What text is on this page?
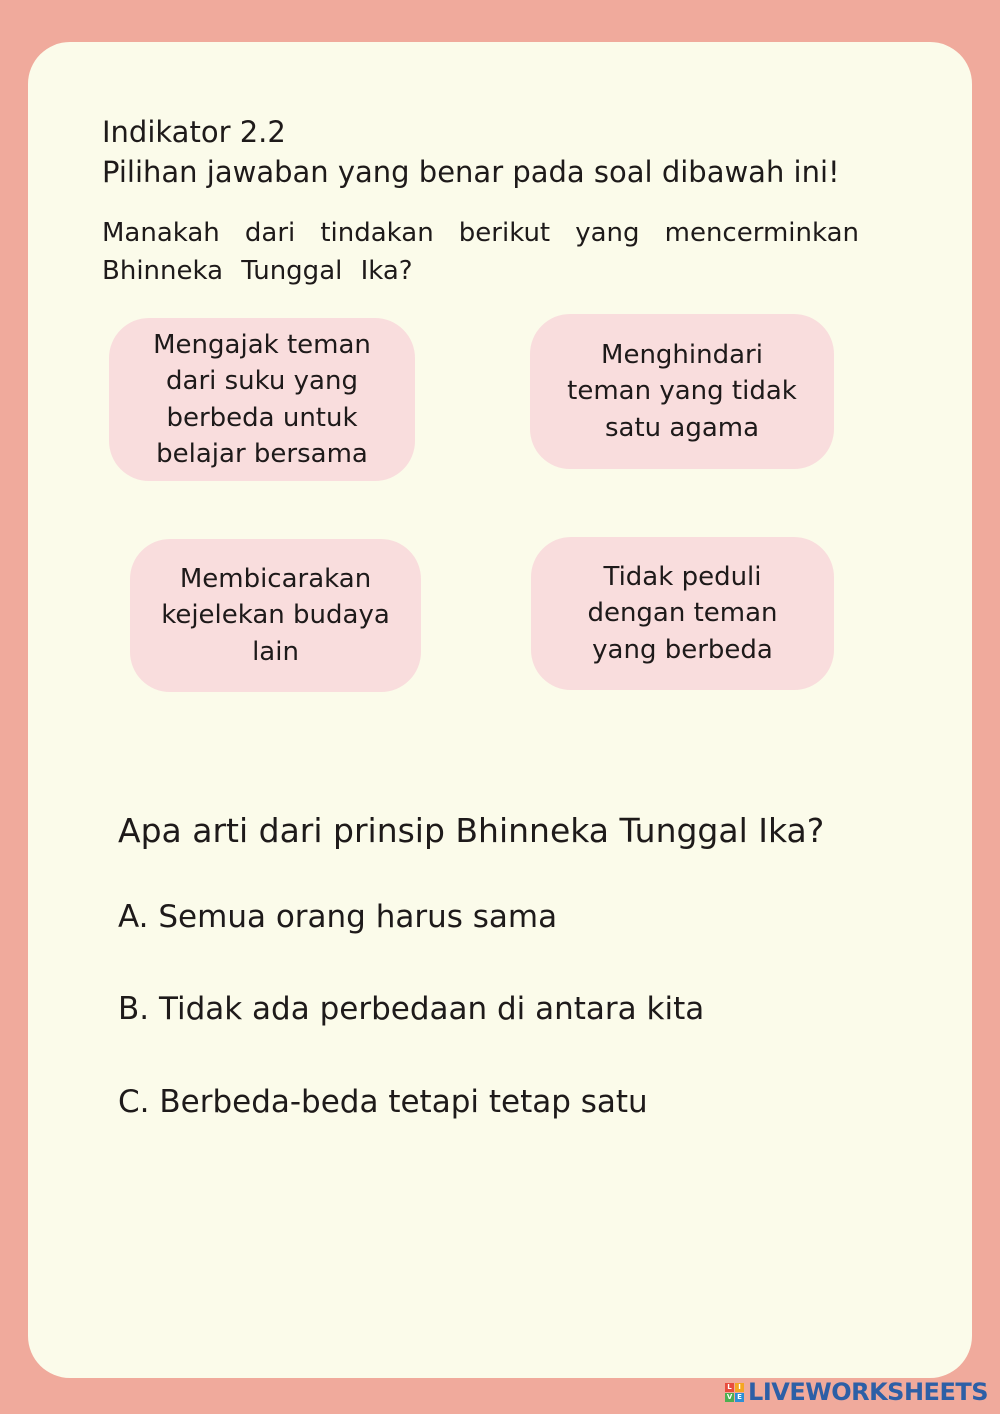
Indikator 2.2
Pilihan jawaban yang benar pada soal dibawah ini!
Manakah dari tindakan berikut yang mencerminkan Bhinneka Tunggal Ika?
Mengajak teman dari suku yang berbeda untuk belajar bersama
Menghindari teman yang tidak satu agama
Membicarakan kejelekan budaya lain
Tidak peduli dengan teman yang berbeda
Apa arti dari prinsip Bhinneka Tunggal Ika?
A. Semua orang harus sama
B. Tidak ada perbedaan di antara kita
C. Berbeda-beda tetapi tetap satu
L I
V E LIVEWORKSHEETS
